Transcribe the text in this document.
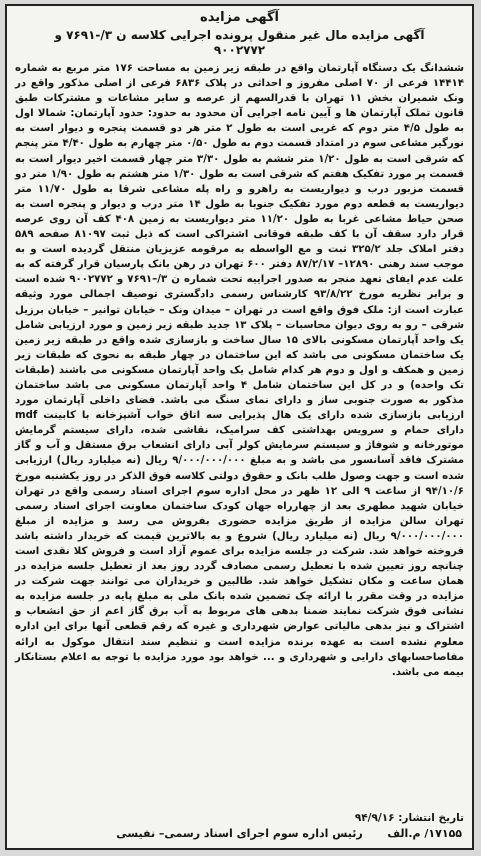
آگهی مزایده
آگهی مزایده مال غیر منقول پرونده اجرایی کلاسه ن ۳/-۷۶۹۱ و
۹۰۰۲۷۷۲
ششدانگ یک دستگاه آپارتمان واقع در طبقه زیر زمین به مساحت ۱۷۶ متر مربع به شماره ۱۴۴۱۴ فرعی از ۷۰ اصلی مفروز و احداثی در پلاک ۶۸۳۶ فرعی از اصلی مذکور واقع در ونک شمیران بخش ۱۱ تهران با قدرالسهم از عرصه و سایر مشاعات و مشترکات طبق قانون تملک آپارتمان ها و آیین نامه اجرایی آن محدود به حدود: حدود آپارتمان: شمالا اول به طول ۴/۵ متر دوم که غربی است به طول ۲ متر هر دو قسمت پنجره و دیوار است به نورگیر مشاعی سوم در امتداد قسمت دوم به طول ۰/۵۰ متر چهارم به طول ۴/۴۰ متر پنجم که شرقی است به طول ۱/۲۰ متر ششم به طول ۳/۳۰ متر چهار قسمت اخیر دیوار است به قسمت پر مورد تفکیک هفتم که شرقی است به طول ۱/۳۰ متر هشتم به طول ۱/۹۰ متر دو قسمت مزبور درب و دیواریست به راهرو و راه پله مشاعی شرقا به طول ۱۱/۷۰ متر دیواریست به قطعه دوم مورد تفکیک جنوبا به طول ۱۴ متر درب و دیوار و پنجره است به صحن حیاط مشاعی غربا به طول ۱۱/۲۰ متر دیواریست به زمین ۴۰۸ کف آن روی عرصه قرار دارد سقف آن با کف طبقه فوقانی اشتراکی است که ذیل ثبت ۸۱۰۹۷ صفحه ۵۸۹ دفتر املاک جلد ۳۲۵/۲ ثبت و مع الواسطه به مرقومه عزیزیان منتقل گردیده است و به موجب سند رهنی ۱۲۸۹۰– ۸۷/۲/۱۷ دفتر ۶۰۰ تهران در رهن بانک پارسیان قرار گرفته که به علت عدم ایفای تعهد منجر به صدور اجراییه تحت شماره ن ۳/–۷۶۹۱ و ۹۰۰۲۷۷۲ شده است و برابر نظریه مورخ ۹۳/۸/۲۲ کارشناس رسمی دادگستری توصیف اجمالی مورد وثیقه عبارت است از: ملک فوق واقع است در تهران – میدان ونک – خیابان توانیر – خیابان برزیل شرقی – رو به روی دیوان محاسبات – پلاک ۱۳ جدید طبقه زیر زمین و مورد ارزیابی شامل یک واحد آپارتمان مسکونی بالای ۱۵ سال ساخت و بازسازی شده واقع در طبقه زیر زمین یک ساختمان مسکونی می باشد که این ساختمان در چهار طبقه به نحوی که طبقات زیر زمین و همکف و اول و دوم هر کدام شامل یک واحد آپارتمان مسکونی می باشند (طبقات تک واحده) و در کل این ساختمان شامل ۴ واحد آپارتمان مسکونی می باشد ساختمان مذکور به صورت جنوبی ساز و دارای نمای سنگ می باشد. فضای داخلی آپارتمان مورد ارزیابی بازسازی شده دارای یک هال پذیرایی سه اتاق خواب آشپزخانه با کابینت mdf دارای حمام و سرویس بهداشتی کف سرامیک، نقاشی شده، دارای سیستم گرمایش موتورخانه و شوفاژ و سیستم سرمایش کولر آبی دارای انشعاب برق مستقل و آب و گاز مشترک فاقد آسانسور می باشد و به مبلغ ۹/۰۰۰/۰۰۰/۰۰۰ ریال (نه میلیارد ریال) ارزیابی شده است و جهت وصول طلب بانک و حقوق دولتی کلاسه فوق الذکر در روز یکشنبه مورخ ۹۴/۱۰/۶ از ساعت ۹ الی ۱۲ ظهر در محل اداره سوم اجرای اسناد رسمی واقع در تهران خیابان شهید مطهری بعد از چهارراه جهان کودک ساختمان معاونت اجرای اسناد رسمی تهران سالن مزایده از طریق مزایده حضوری بفروش می رسد و مزایده از مبلغ ۹/۰۰۰/۰۰۰/۰۰۰ ریال (نه میلیارد ریال) شروع و به بالاترین قیمت که خریدار داشته باشد فروخته خواهد شد. شرکت در جلسه مزایده برای عموم آزاد است و فروش کلا نقدی است چنانچه روز تعیین شده با تعطیل رسمی مصادف گردد روز بعد از تعطیل جلسه مزایده در همان ساعت و مکان تشکیل خواهد شد. طالبین و خریداران می توانند جهت شرکت در مزایده در وقت مقرر با ارائه چک تضمین شده بانک ملی به مبلغ پایه در جلسه مزایده به نشانی فوق شرکت نمایند ضمنا بدهی های مربوط به آب برق گاز اعم از حق انشعاب و اشتراک و نیز بدهی مالیاتی عوارض شهرداری و غیره که رقم قطعی آنها برای این اداره معلوم نشده است به عهده برنده مزایده است و تنظیم سند انتقال موکول به ارائه مفاصاحسابهای دارایی و شهرداری و ... خواهد بود مورد مزایده با توجه به اعلام بستانکار بیمه می باشد.
تاریخ انتشار: ۹۴/۹/۱۶
۱۷۱۵۵/ م.الف
رئیس اداره سوم اجرای اسناد رسمی– نفیسی
